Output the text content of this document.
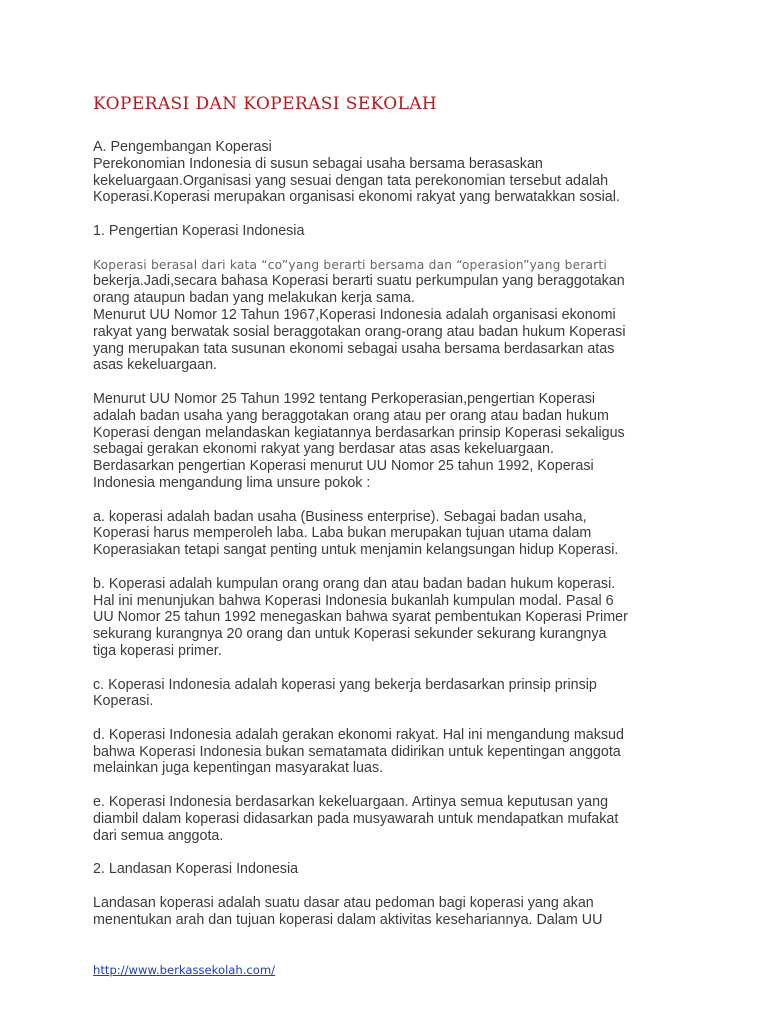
KOPERASI DAN KOPERASI SEKOLAH

A. Pengembangan Koperasi

Perekonomian Indonesia di susun sebagai usaha bersama berasaskan

kekeluargaan.Organisasi yang sesuai dengan tata perekonomian tersebut adalah

Koperasi.Koperasi merupakan organisasi ekonomi rakyat yang berwatakkan sosial.

1. Pengertian Koperasi Indonesia

Koperasi berasal dari kata “co”yang berarti bersama dan “operasion”yang berarti

bekerja.Jadi,secara bahasa Koperasi berarti suatu perkumpulan yang beraggotakan

orang ataupun badan yang melakukan kerja sama.

Menurut UU Nomor 12 Tahun 1967,Koperasi Indonesia adalah organisasi ekonomi

rakyat yang berwatak sosial beraggotakan orang-orang atau badan hukum Koperasi

yang merupakan tata susunan ekonomi sebagai usaha bersama berdasarkan atas

asas kekeluargaan.

Menurut UU Nomor 25 Tahun 1992 tentang Perkoperasian,pengertian Koperasi

adalah badan usaha yang beraggotakan orang atau per orang atau badan hukum

Koperasi dengan melandaskan kegiatannya berdasarkan prinsip Koperasi sekaligus

sebagai gerakan ekonomi rakyat yang berdasar atas asas kekeluargaan.

Berdasarkan pengertian Koperasi menurut UU Nomor 25 tahun 1992, Koperasi

Indonesia mengandung lima unsure pokok :

a. koperasi adalah badan usaha (Business enterprise). Sebagai badan usaha,

Koperasi harus memperoleh laba. Laba bukan merupakan tujuan utama dalam

Koperasiakan tetapi sangat penting untuk menjamin kelangsungan hidup Koperasi.

b. Koperasi adalah kumpulan orang orang dan atau badan badan hukum koperasi.

Hal ini menunjukan bahwa Koperasi Indonesia bukanlah kumpulan modal. Pasal 6

UU Nomor 25 tahun 1992 menegaskan bahwa syarat pembentukan Koperasi Primer

sekurang kurangnya 20 orang dan untuk Koperasi sekunder sekurang kurangnya

tiga koperasi primer.

c. Koperasi Indonesia adalah koperasi yang bekerja berdasarkan prinsip prinsip

Koperasi.

d. Koperasi Indonesia adalah gerakan ekonomi rakyat. Hal ini mengandung maksud

bahwa Koperasi Indonesia bukan sematamata didirikan untuk kepentingan anggota

melainkan juga kepentingan masyarakat luas.

e. Koperasi Indonesia berdasarkan kekeluargaan. Artinya semua keputusan yang

diambil dalam koperasi didasarkan pada musyawarah untuk mendapatkan mufakat

dari semua anggota.

2. Landasan Koperasi Indonesia

Landasan koperasi adalah suatu dasar atau pedoman bagi koperasi yang akan

menentukan arah dan tujuan koperasi dalam aktivitas kesehariannya. Dalam UU

http://www.berkassekolah.com/
